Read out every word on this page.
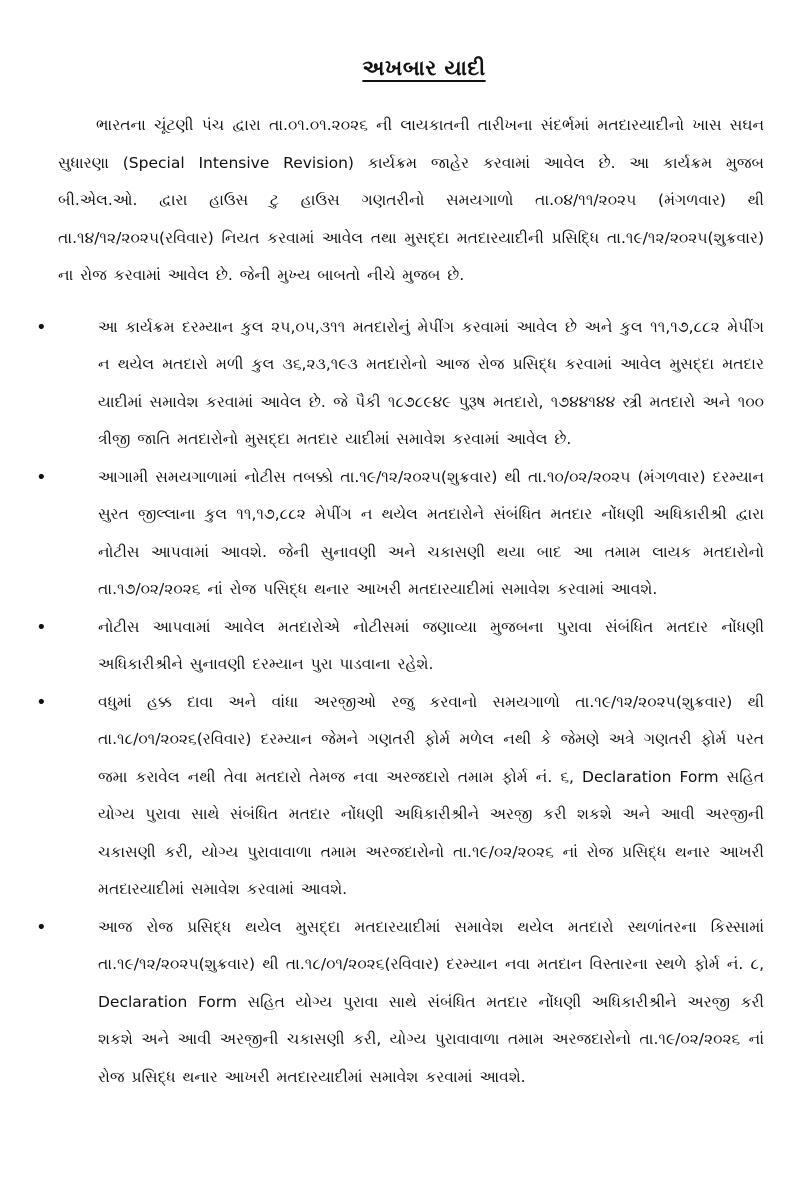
અખબાર યાદી

ભારતના ચૂંટણી પંચ દ્વારા તા.૦૧.૦૧.૨૦૨૬ ની લાયકાતની તારીખના સંદર્ભમાં મતદારયાદીનો ખાસ સઘન સુધારણા (Special Intensive Revision) કાર્યક્રમ જાહેર કરવામાં આવેલ છે. આ કાર્યક્રમ મુજબ બી.એલ.ઓ. દ્વારા હાઉસ ટુ હાઉસ ગણતરીનો સમયગાળો તા.૦૪/૧૧/૨૦૨૫ (મંગળવાર) થી તા.૧૪/૧૨/૨૦૨૫(રવિવાર) નિયત કરવામાં આવેલ તથા મુસદ્દા મતદારયાદીની પ્રસિદ્ધિ તા.૧૯/૧૨/૨૦૨૫(શુક્રવાર) ના રોજ કરવામાં આવેલ છે. જેની મુખ્ય બાબતો નીચે મુજબ છે.

•	આ કાર્યક્રમ દરમ્યાન કુલ ૨૫,૦૫,૩૧૧ મતદારોનું મેપીંગ કરવામાં આવેલ છે અને કુલ ૧૧,૧૭,૮૮૨ મેપીંગ ન થયેલ મતદારો મળી કુલ ૩૬,૨૩,૧૯૩ મતદારોનો આજ રોજ પ્રસિદ્ધ કરવામાં આવેલ મુસદ્દા મતદાર યાદીમાં સમાવેશ કરવામાં આવેલ છે. જે પૈકી ૧૮૭૮૯૪૯ પુરૂષ મતદારો, ૧૭૪૪૧૪૪ સ્ત્રી મતદારો અને ૧૦૦ ત્રીજી જાતિ મતદારોનો મુસદ્દા મતદાર યાદીમાં સમાવેશ કરવામાં આવેલ છે.
•	આગામી સમયગાળામાં નોટીસ તબક્કો તા.૧૯/૧૨/૨૦૨૫(શુક્રવાર) થી તા.૧૦/૦૨/૨૦૨૫ (મંગળવાર) દરમ્યાન સુરત જીલ્લાના કુલ ૧૧,૧૭,૮૮૨ મેપીંગ ન થયેલ મતદારોને સંબંધિત મતદાર નોંધણી અધિકારીશ્રી દ્વારા નોટીસ આપવામાં આવશે. જેની સુનાવણી અને ચકાસણી થયા બાદ આ તમામ લાયક મતદારોનો તા.૧૭/૦૨/૨૦૨૬ નાં રોજ પસિદ્ધ થનાર આખરી મતદારયાદીમાં સમાવેશ કરવામાં આવશે.
•	નોટીસ આપવામાં આવેલ મતદારોએ નોટીસમાં જણાવ્યા મુજબના પુરાવા સંબંધિત મતદાર નોંધણી અધિકારીશ્રીને સુનાવણી દરમ્યાન પુરા પાડવાના રહેશે.
•	વધુમાં હક્ક દાવા અને વાંધા અરજીઓ રજુ કરવાનો સમયગાળો તા.૧૯/૧૨/૨૦૨૫(શુક્રવાર) થી તા.૧૮/૦૧/૨૦૨૬(રવિવાર) દરમ્યાન જેમને ગણતરી ફોર્મ મળેલ નથી કે જેમણે અત્રે ગણતરી ફોર્મ પરત જમા કરાવેલ નથી તેવા મતદારો તેમજ નવા અરજદારો તમામ ફોર્મ નં. ૬, Declaration Form સહિત યોગ્ય પુરાવા સાથે સંબંધિત મતદાર નોંધણી અધિકારીશ્રીને અરજી કરી શકશે અને આવી અરજીની ચકાસણી કરી, યોગ્ય પુરાવાવાળા તમામ અરજદારોનો તા.૧૯/૦૨/૨૦૨૬ નાં રોજ પ્રસિદ્ધ થનાર આખરી મતદારયાદીમાં સમાવેશ કરવામાં આવશે.
•	આજ રોજ પ્રસિદ્ધ થયેલ મુસદ્દા મતદારયાદીમાં સમાવેશ થયેલ મતદારો સ્થળાંતરના કિસ્સામાં તા.૧૯/૧૨/૨૦૨૫(શુક્રવાર) થી તા.૧૮/૦૧/૨૦૨૬(રવિવાર) દરમ્યાન નવા મતદાન વિસ્તારના સ્થળે ફોર્મ નં. ૮, Declaration Form સહિત યોગ્ય પુરાવા સાથે સંબંધિત મતદાર નોંધણી અધિકારીશ્રીને અરજી કરી શકશે અને આવી અરજીની ચકાસણી કરી, યોગ્ય પુરાવાવાળા તમામ અરજદારોનો તા.૧૯/૦૨/૨૦૨૬ નાં રોજ પ્રસિદ્ધ થનાર આખરી મતદારયાદીમાં સમાવેશ કરવામાં આવશે.
